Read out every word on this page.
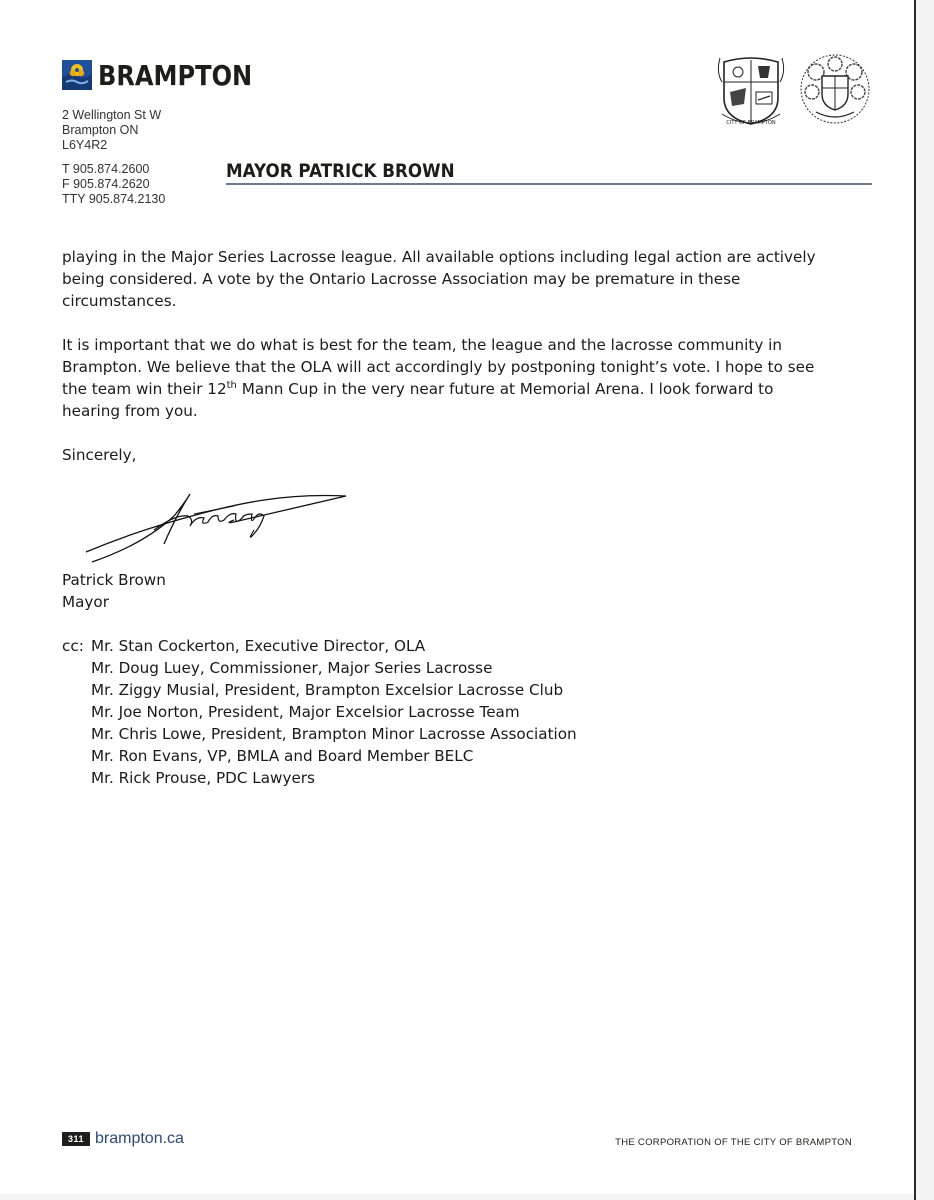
BRAMPTON
2 Wellington St W
Brampton ON
L6Y4R2
T 905.874.2600
F 905.874.2620
TTY 905.874.2130
MAYOR PATRICK BROWN
CITY OF BRAMPTON

playing in the Major Series Lacrosse league. All available options including legal action are actively being considered. A vote by the Ontario Lacrosse Association may be premature in these circumstances.

It is important that we do what is best for the team, the league and the lacrosse community in Brampton. We believe that the OLA will act accordingly by postponing tonight’s vote. I hope to see the team win their 12th Mann Cup in the very near future at Memorial Arena. I look forward to hearing from you.

Sincerely,

Patrick Brown
Mayor
cc: Mr. Stan Cockerton, Executive Director, OLA
Mr. Doug Luey, Commissioner, Major Series Lacrosse
Mr. Ziggy Musial, President, Brampton Excelsior Lacrosse Club
Mr. Joe Norton, President, Major Excelsior Lacrosse Team
Mr. Chris Lowe, President, Brampton Minor Lacrosse Association
Mr. Ron Evans, VP, BMLA and Board Member BELC
Mr. Rick Prouse, PDC Lawyers
311 brampton.ca	THE CORPORATION OF THE CITY OF BRAMPTON
